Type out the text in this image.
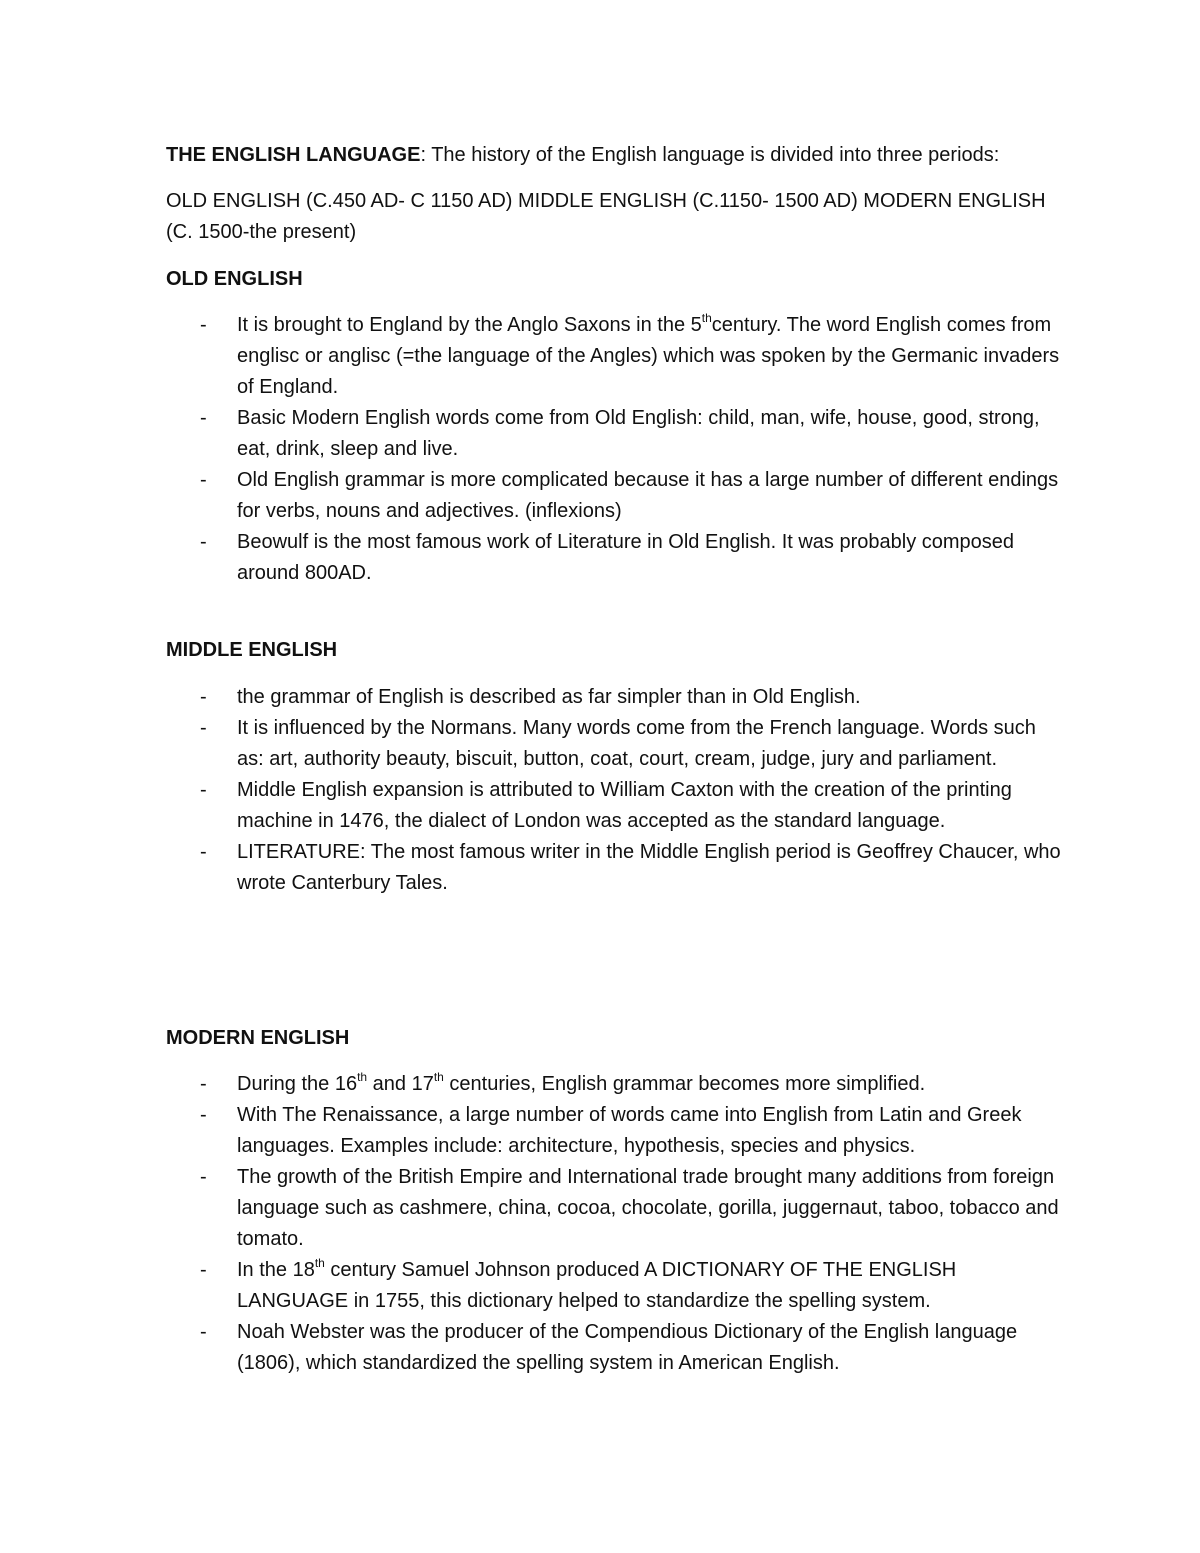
THE ENGLISH LANGUAGE: The history of the English language is divided into three periods:

OLD ENGLISH (C.450 AD- C 1150 AD) MIDDLE ENGLISH (C.1150- 1500 AD) MODERN ENGLISH (C. 1500-the present)

OLD ENGLISH
- It is brought to England by the Anglo Saxons in the 5thcentury. The word English comes from englisc or anglisc (=the language of the Angles) which was spoken by the Germanic invaders of England.
- Basic Modern English words come from Old English: child, man, wife, house, good, strong, eat, drink, sleep and live.
- Old English grammar is more complicated because it has a large number of different endings for verbs, nouns and adjectives. (inflexions)
- Beowulf is the most famous work of Literature in Old English. It was probably composed around 800AD.
MIDDLE ENGLISH
- the grammar of English is described as far simpler than in Old English.
- It is influenced by the Normans. Many words come from the French language. Words such as: art, authority beauty, biscuit, button, coat, court, cream, judge, jury and parliament.
- Middle English expansion is attributed to William Caxton with the creation of the printing machine in 1476, the dialect of London was accepted as the standard language.
- LITERATURE: The most famous writer in the Middle English period is Geoffrey Chaucer, who wrote Canterbury Tales.
MODERN ENGLISH
- During the 16th and 17th centuries, English grammar becomes more simplified.
- With The Renaissance, a large number of words came into English from Latin and Greek languages. Examples include: architecture, hypothesis, species and physics.
- The growth of the British Empire and International trade brought many additions from foreign language such as cashmere, china, cocoa, chocolate, gorilla, juggernaut, taboo, tobacco and tomato.
- In the 18th century Samuel Johnson produced A DICTIONARY OF THE ENGLISH LANGUAGE in 1755, this dictionary helped to standardize the spelling system.
- Noah Webster was the producer of the Compendious Dictionary of the English language (1806), which standardized the spelling system in American English.
